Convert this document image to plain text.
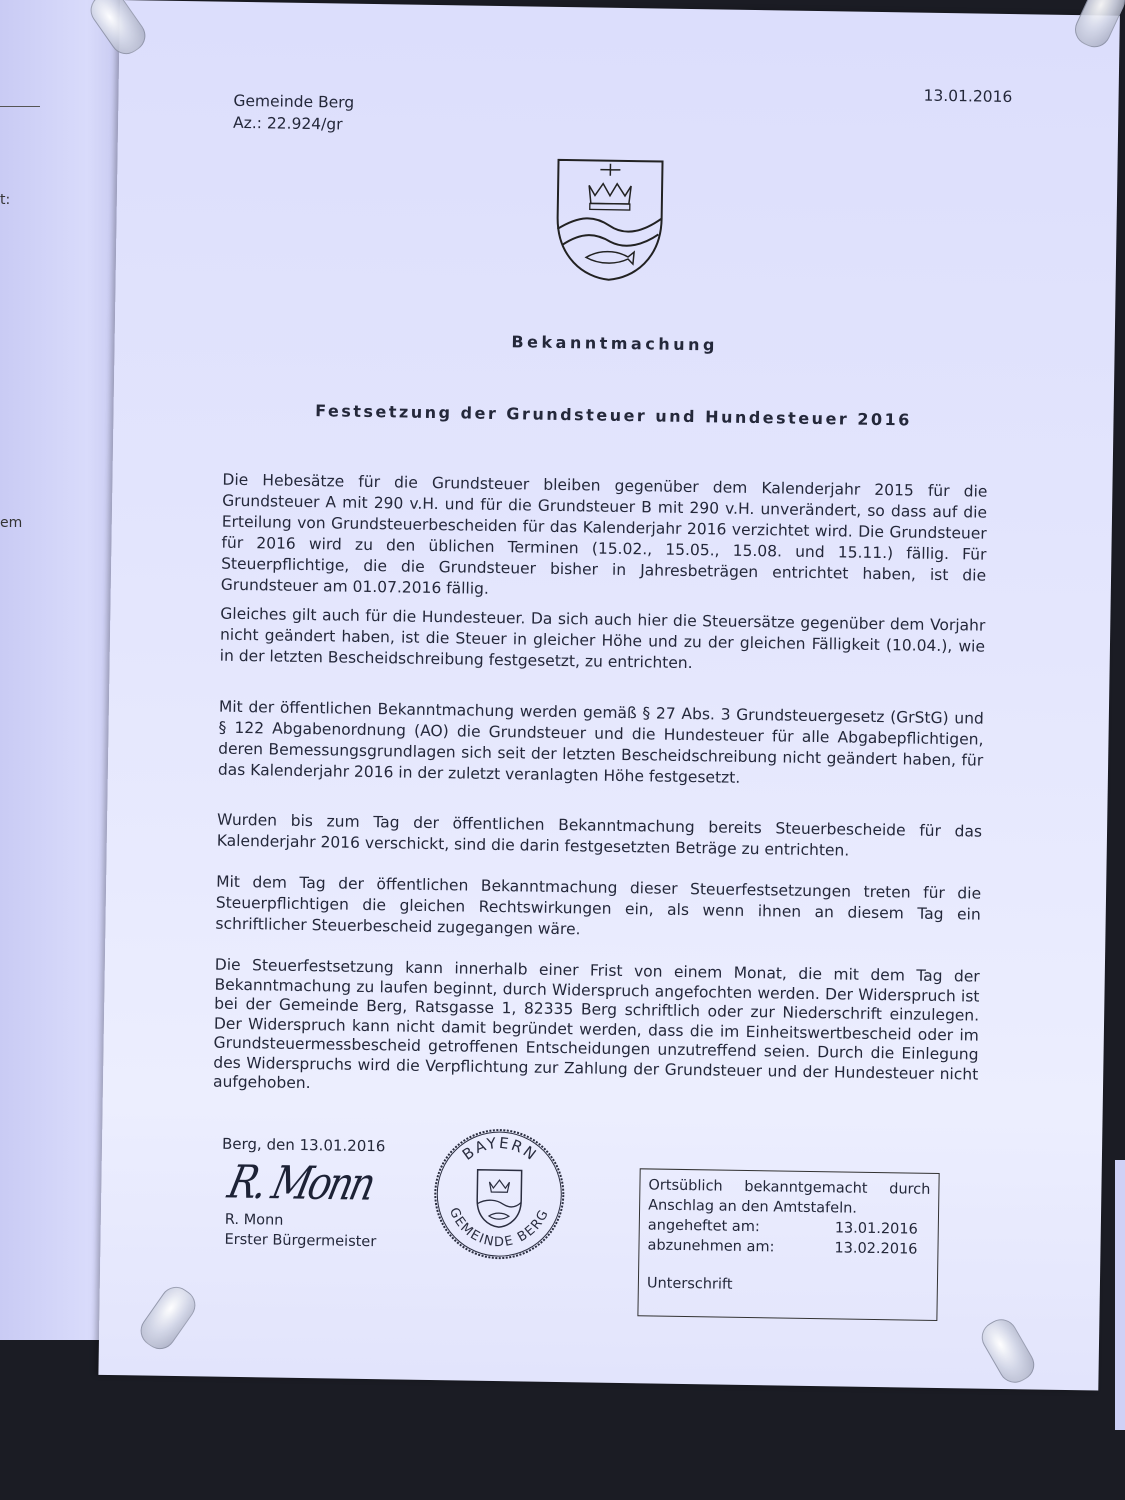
t:
em
13.01.2016
Gemeinde Berg
Az.: 22.924/gr
Bekanntmachung
Festsetzung der Grundsteuer und Hundesteuer 2016

Die Hebesätze für die Grundsteuer bleiben gegenüber dem Kalenderjahr 2015 für die Grundsteuer A mit 290 v.H. und für die Grundsteuer B mit 290 v.H. unverändert, so dass auf die Erteilung von Grundsteuerbescheiden für das Kalenderjahr 2016 verzichtet wird. Die Grundsteuer für 2016 wird zu den üblichen Terminen (15.02., 15.05., 15.08. und 15.11.) fällig. Für Steuerpflichtige, die die Grundsteuer bisher in Jahresbeträgen entrichtet haben, ist die Grundsteuer am 01.07.2016 fällig.

Gleiches gilt auch für die Hundesteuer. Da sich auch hier die Steuersätze gegenüber dem Vorjahr nicht geändert haben, ist die Steuer in gleicher Höhe und zu der gleichen Fälligkeit (10.04.), wie in der letzten Bescheidschreibung festgesetzt, zu entrichten.

Mit der öffentlichen Bekanntmachung werden gemäß § 27 Abs. 3 Grundsteuergesetz (GrStG) und § 122 Abgabenordnung (AO) die Grundsteuer und die Hundesteuer für alle Abgabepflichtigen, deren Bemessungsgrundlagen sich seit der letzten Bescheidschreibung nicht geändert haben, für das Kalenderjahr 2016 in der zuletzt veranlagten Höhe festgesetzt.

Wurden bis zum Tag der öffentlichen Bekanntmachung bereits Steuerbescheide für das Kalenderjahr 2016 verschickt, sind die darin festgesetzten Beträge zu entrichten.

Mit dem Tag der öffentlichen Bekanntmachung dieser Steuerfestsetzungen treten für die Steuerpflichtigen die gleichen Rechtswirkungen ein, als wenn ihnen an diesem Tag ein schriftlicher Steuerbescheid zugegangen wäre.

Die Steuerfestsetzung kann innerhalb einer Frist von einem Monat, die mit dem Tag der Bekanntmachung zu laufen beginnt, durch Widerspruch angefochten werden. Der Widerspruch ist bei der Gemeinde Berg, Ratsgasse 1, 82335 Berg schriftlich oder zur Niederschrift einzulegen. Der Widerspruch kann nicht damit begründet werden, dass die im Einheitswertbescheid oder im Grundsteuermessbescheid getroffenen Entscheidungen unzutreffend seien. Durch die Einlegung des Widerspruchs wird die Verpflichtung zur Zahlung der Grundsteuer und der Hundesteuer nicht aufgehoben.

Berg, den 13.01.2016
R. Monn
R. Monn
Erster Bürgermeister
BAYERN
GEMEINDE BERG
Ortsüblich bekanntgemacht durch
Anschlag an den Amtstafeln.
angeheftet am:	13.01.2016
abzunehmen am:	13.02.2016
Unterschrift
